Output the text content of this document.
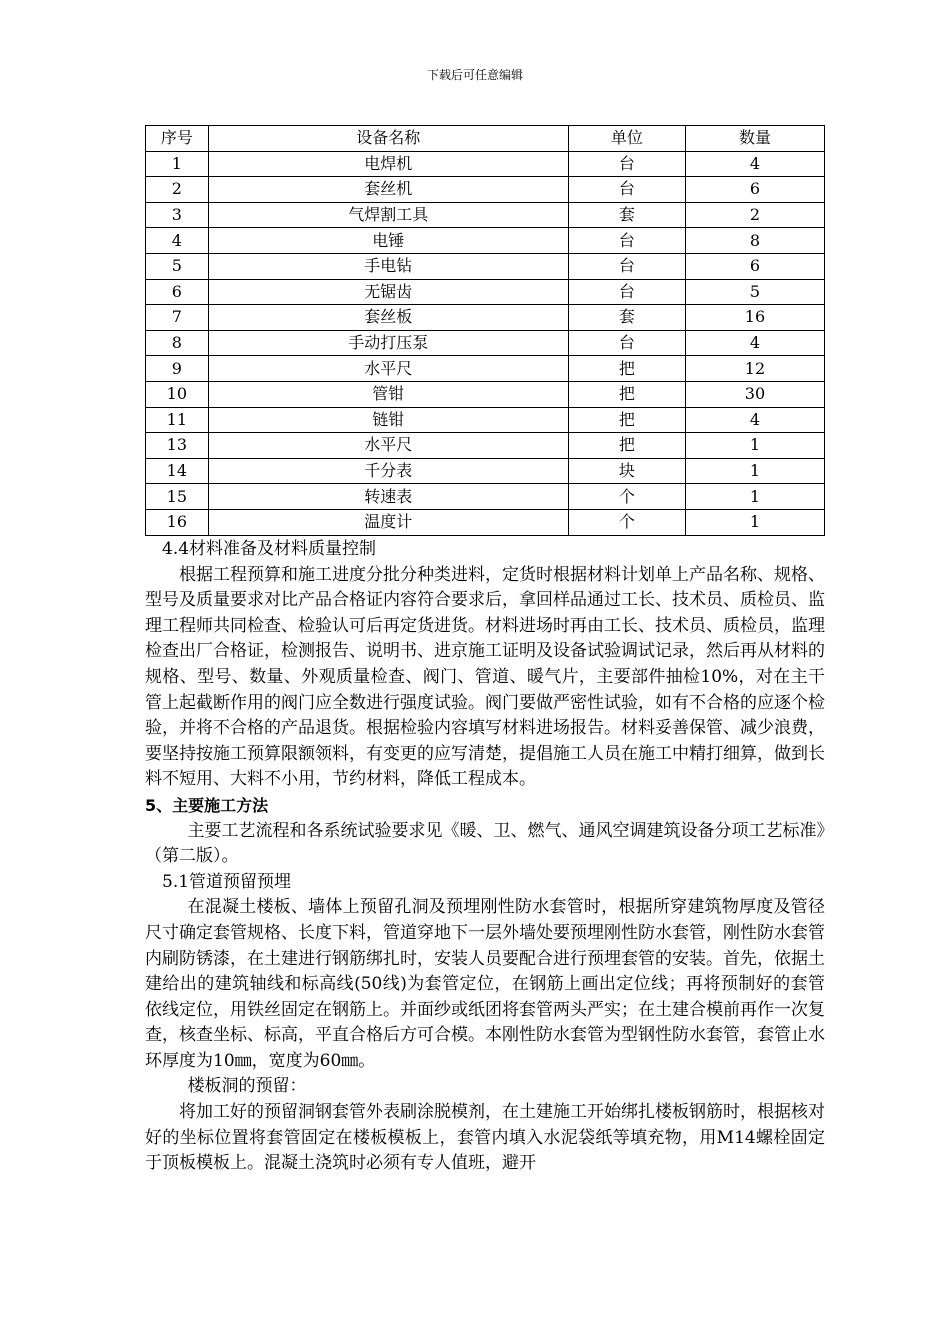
下载后可任意编辑
序号	设备名称	单位	数量
1	电焊机	台	4
2	套丝机	台	6
3	气焊割工具	套	2
4	电锤	台	8
5	手电钻	台	6
6	无锯齿	台	5
7	套丝板	套	16
8	手动打压泵	台	4
9	水平尺	把	12
10	管钳	把	30
11	链钳	把	4
13	水平尺	把	1
14	千分表	块	1
15	转速表	个	1
16	温度计	个	1

4.4材料准备及材料质量控制

根据工程预算和施工进度分批分种类进料，定货时根据材料计划单上产品名称、规格、型号及质量要求对比产品合格证内容符合要求后，拿回样品通过工长、技术员、质检员、监理工程师共同检查、检验认可后再定货进货。材料进场时再由工长、技术员、质检员，监理检查出厂合格证，检测报告、说明书、进京施工证明及设备试验调试记录，然后再从材料的规格、型号、数量、外观质量检查、阀门、管道、暖气片，主要部件抽检10%，对在主干管上起截断作用的阀门应全数进行强度试验。阀门要做严密性试验，如有不合格的应逐个检验，并将不合格的产品退货。根据检验内容填写材料进场报告。材料妥善保管、减少浪费，要坚持按施工预算限额领料，有变更的应写清楚，提倡施工人员在施工中精打细算，做到长料不短用、大料不小用，节约材料，降低工程成本。

5、主要施工方法

主要工艺流程和各系统试验要求见《暖、卫、燃气、通风空调建筑设备分项工艺标准》（第二版）。

5.1管道预留预埋

在混凝土楼板、墙体上预留孔洞及预埋刚性防水套管时，根据所穿建筑物厚度及管径尺寸确定套管规格、长度下料，管道穿地下一层外墙处要预埋刚性防水套管，刚性防水套管内刷防锈漆，在土建进行钢筋绑扎时，安装人员要配合进行预埋套管的安装。首先，依据土建给出的建筑轴线和标高线(50线)为套管定位，在钢筋上画出定位线；再将预制好的套管依线定位，用铁丝固定在钢筋上。并面纱或纸团将套管两头严实；在土建合模前再作一次复查，核查坐标、标高，平直合格后方可合模。本刚性防水套管为型钢性防水套管，套管止水环厚度为10㎜，宽度为60㎜。

楼板洞的预留：

将加工好的预留洞钢套管外表刷涂脱模剂，在土建施工开始绑扎楼板钢筋时，根据核对好的坐标位置将套管固定在楼板模板上，套管内填入水泥袋纸等填充物，用M14螺栓固定于顶板模板上。混凝土浇筑时必须有专人值班，避开
